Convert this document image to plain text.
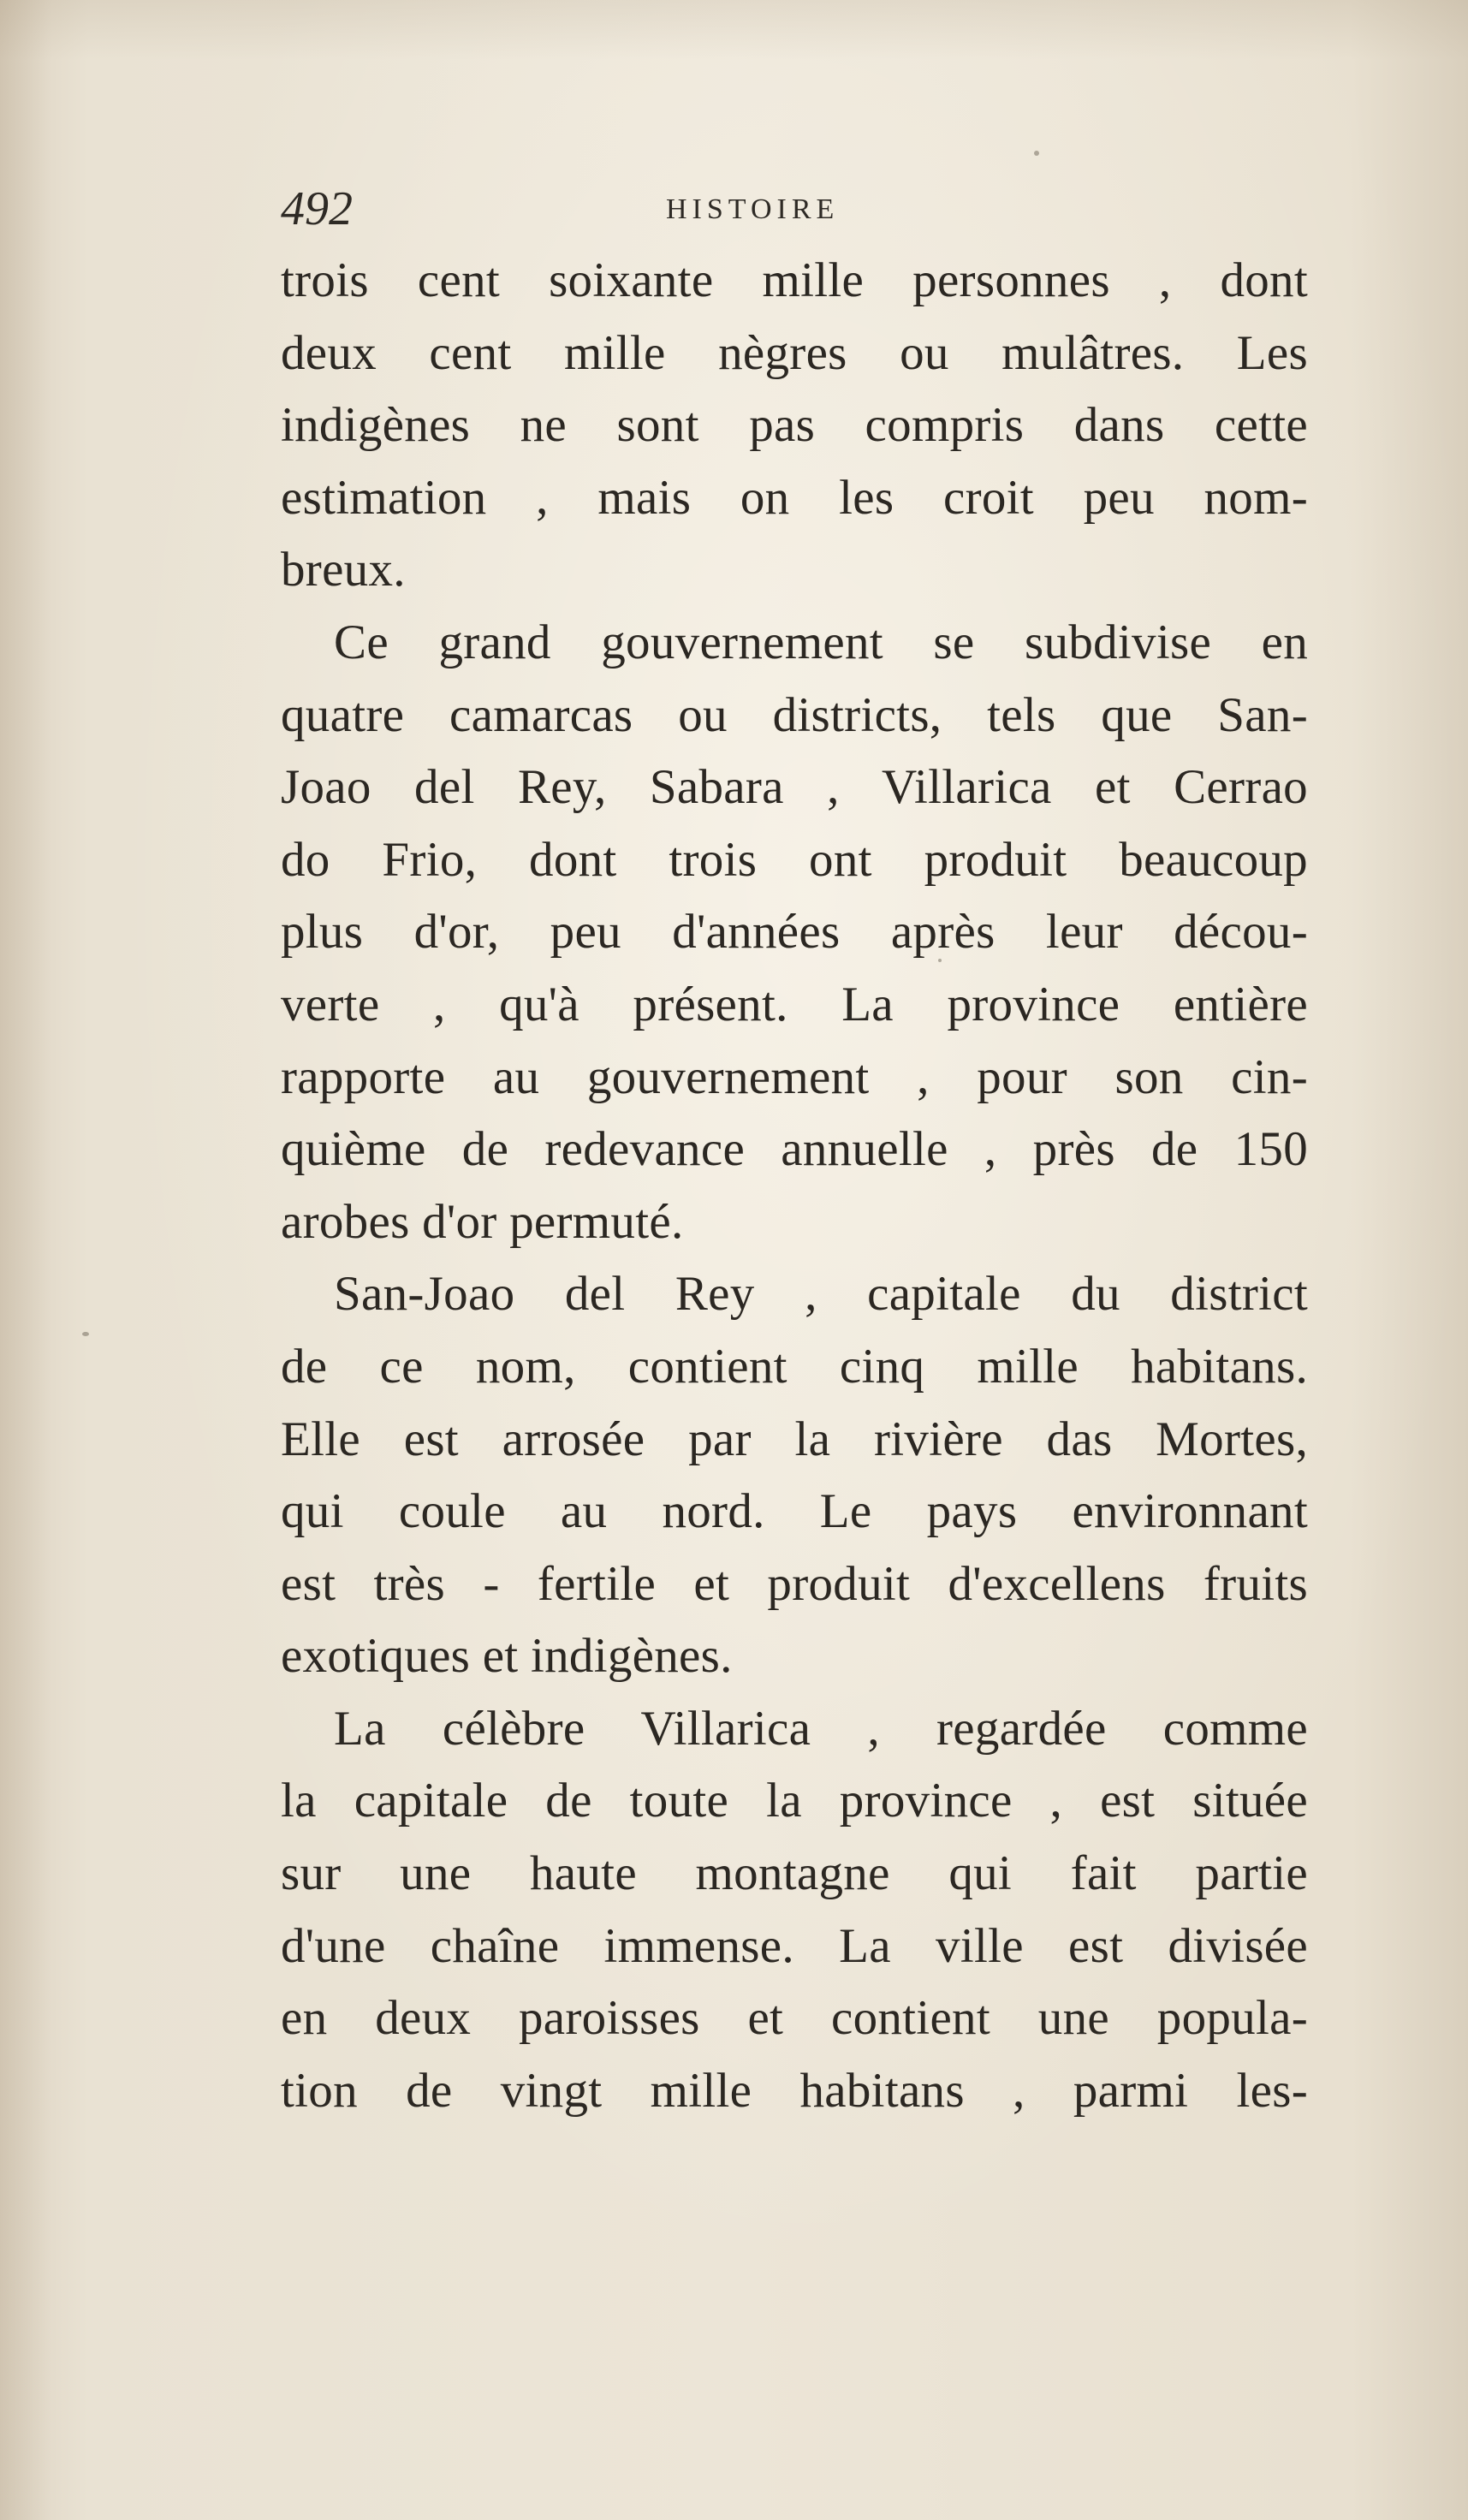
492	HISTOIRE
trois cent soixante mille personnes , dont
deux cent mille nègres ou mulâtres. Les
indigènes ne sont pas compris dans cette
estimation , mais on les croit peu nom-
breux.
Ce grand gouvernement se subdivise en
quatre camarcas ou districts, tels que San-
Joao del Rey, Sabara , Villarica et Cerrao
do Frio, dont trois ont produit beaucoup
plus d'or, peu d'années après leur décou-
verte , qu'à présent. La province entière
rapporte au gouvernement , pour son cin-
quième de redevance annuelle , près de 150
arobes d'or permuté.
San-Joao del Rey , capitale du district
de ce nom, contient cinq mille habitans.
Elle est arrosée par la rivière das Mortes,
qui coule au nord. Le pays environnant
est très - fertile et produit d'excellens fruits
exotiques et indigènes.
La célèbre Villarica , regardée comme
la capitale de toute la province , est située
sur une haute montagne qui fait partie
d'une chaîne immense. La ville est divisée
en deux paroisses et contient une popula-
tion de vingt mille habitans , parmi les-
